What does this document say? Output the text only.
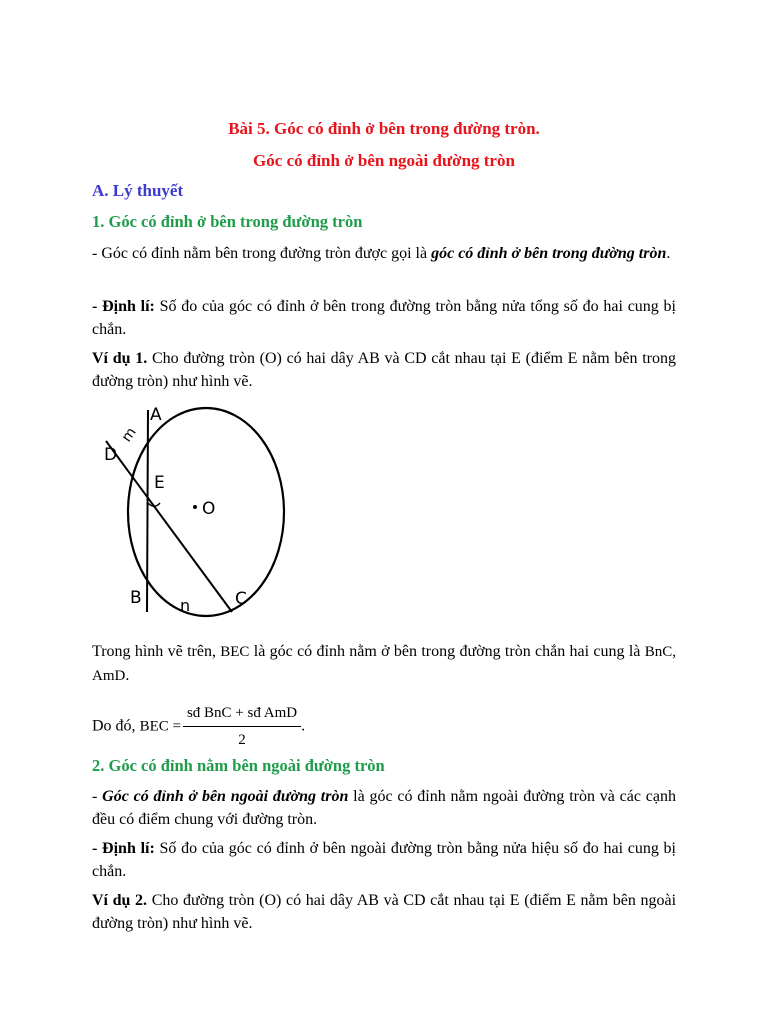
Bài 5. Góc có đỉnh ở bên trong đường tròn.
Góc có đỉnh ở bên ngoài đường tròn
A. Lý thuyết
1. Góc có đỉnh ở bên trong đường tròn
- Góc có đỉnh nằm bên trong đường tròn được gọi là góc có đỉnh ở bên trong đường tròn.
- Định lí: Số đo của góc có đỉnh ở bên trong đường tròn bằng nửa tổng số đo hai cung bị chắn.
Ví dụ 1. Cho đường tròn (O) có hai dây AB và CD cắt nhau tại E (điểm E nằm bên trong đường tròn) như hình vẽ.
A
D
m
E
O
B n	C
Trong hình vẽ trên, BEC là góc có đỉnh nằm ở bên trong đường tròn chắn hai cung là BnC, AmD.
Do đó, BEC = $\frac{\text{sđ BnC + sđ AmD}}{2}$ .
2. Góc có đỉnh nằm bên ngoài đường tròn
- Góc có đỉnh ở bên ngoài đường tròn là góc có đỉnh nằm ngoài đường tròn và các cạnh đều có điểm chung với đường tròn.
- Định lí: Số đo của góc có đỉnh ở bên ngoài đường tròn bằng nửa hiệu số đo hai cung bị chắn.
Ví dụ 2. Cho đường tròn (O) có hai dây AB và CD cắt nhau tại E (điểm E nằm bên ngoài đường tròn) như hình vẽ.
